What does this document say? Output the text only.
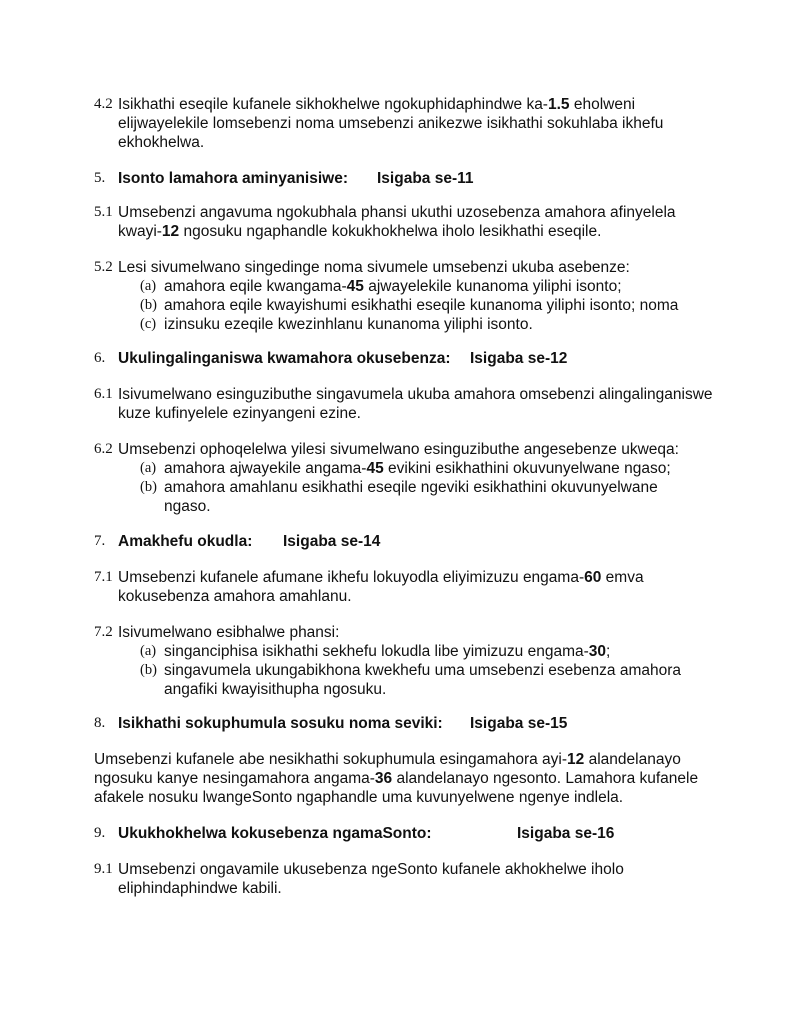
4.2 Isikhathi eseqile kufanele sikhokhelwe ngokuphidaphindwe ka-1.5 eholweni elijwayelekile lomsebenzi noma umsebenzi anikezwe isikhathi sokuhlaba ikhefu ekhokhelwa.
5. Isonto lamahora aminyanisiwe: Isigaba se-11
5.1 Umsebenzi angavuma ngokubhala phansi ukuthi uzosebenza amahora afinyelela kwayi-12 ngosuku ngaphandle kokukhokhelwa iholo lesikhathi eseqile.
5.2 Lesi sivumelwano singedinge noma sivumele umsebenzi ukuba asebenze:
(a) amahora eqile kwangama-45 ajwayelekile kunanoma yiliphi isonto;
(b) amahora eqile kwayishumi esikhathi eseqile kunanoma yiliphi isonto; noma
(c) izinsuku ezeqile kwezinhlanu kunanoma yiliphi isonto.
6. Ukulingalinganiswa kwamahora okusebenza: Isigaba se-12
6.1 Isivumelwano esinguzibuthe singavumela ukuba amahora omsebenzi alingalinganiswe kuze kufinyelele ezinyangeni ezine.
6.2 Umsebenzi ophoqelelwa yilesi sivumelwano esinguzibuthe angesebenze ukweqa:
(a) amahora ajwayekile angama-45 evikini esikhathini okuvunyelwane ngaso;
(b) amahora amahlanu esikhathi eseqile ngeviki esikhathini okuvunyelwane ngaso.
7. Amakhefu okudla: Isigaba se-14
7.1 Umsebenzi kufanele afumane ikhefu lokuyodla eliyimizuzu engama-60 emva kokusebenza amahora amahlanu.
7.2 Isivumelwano esibhalwe phansi:
(a) singanciphisa isikhathi sekhefu lokudla libe yimizuzu engama-30;
(b) singavumela ukungabikhona kwekhefu uma umsebenzi esebenza amahora angafiki kwayisithupha ngosuku.
8. Isikhathi sokuphumula sosuku noma seviki: Isigaba se-15
Umsebenzi kufanele abe nesikhathi sokuphumula esingamahora ayi-12 alandelanayo ngosuku kanye nesingamahora angama-36 alandelanayo ngesonto. Lamahora kufanele afakele nosuku lwangeSonto ngaphandle uma kuvunyelwene ngenye indlela.
9. Ukukhokhelwa kokusebenza ngamaSonto:	Isigaba se-16
9.1 Umsebenzi ongavamile ukusebenza ngeSonto kufanele akhokhelwe iholo eliphindaphindwe kabili.
